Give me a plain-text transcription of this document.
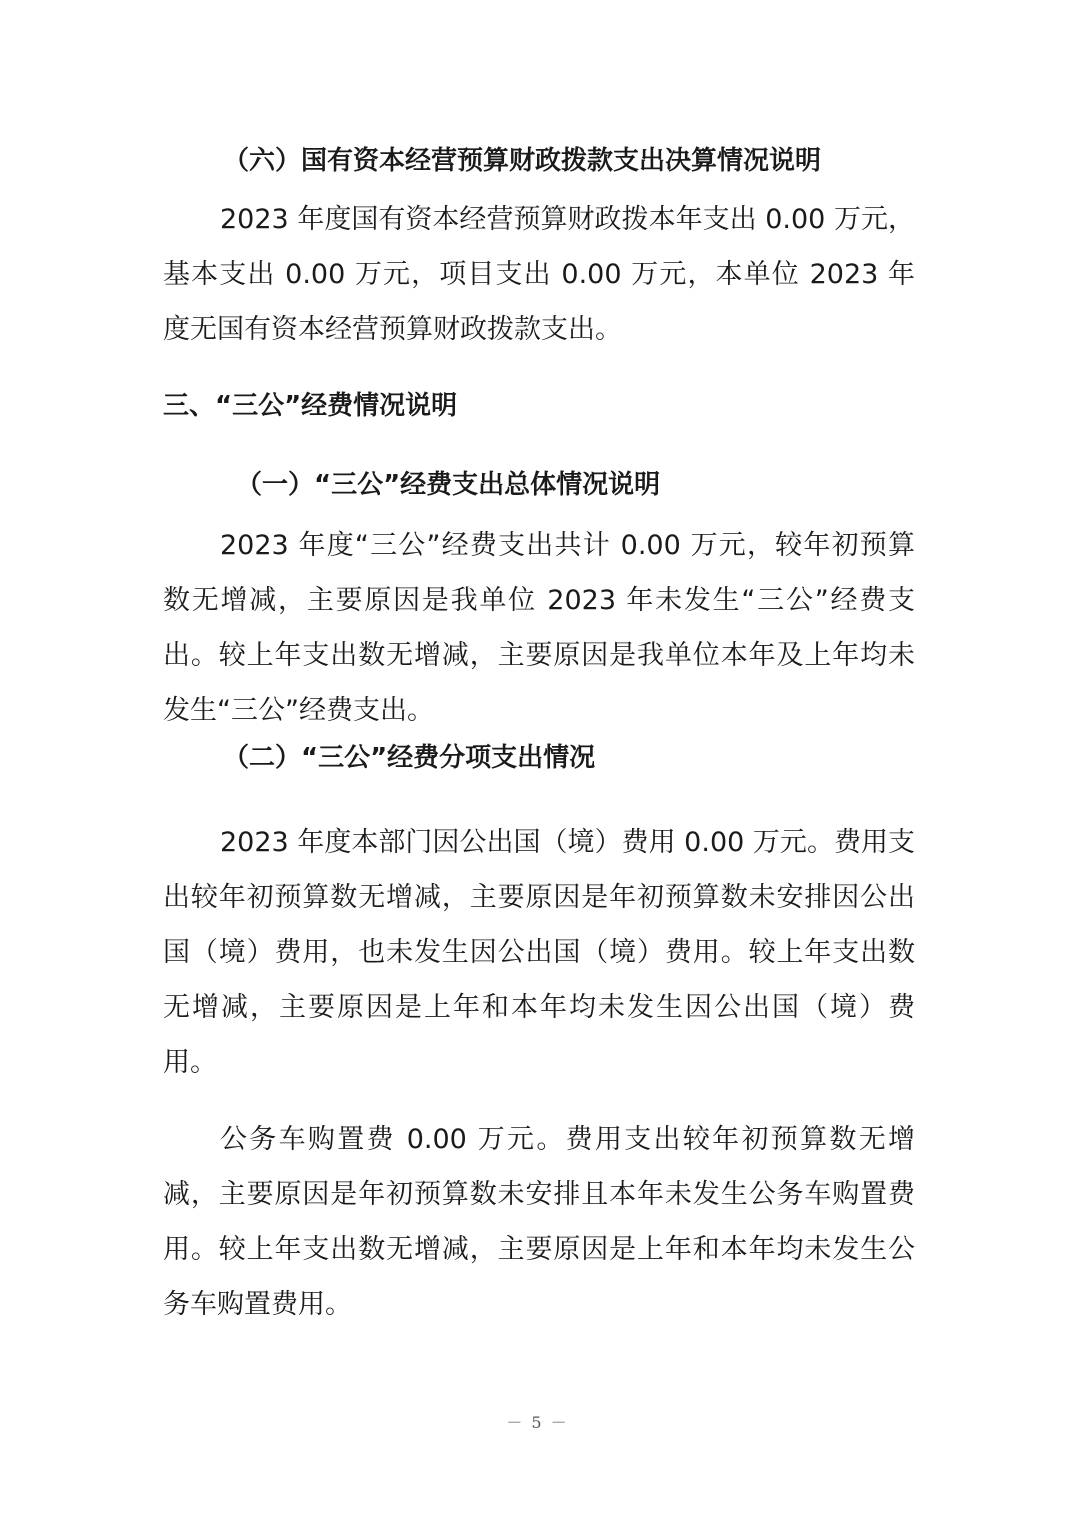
（六）国有资本经营预算财政拨款支出决算情况说明

2023 年度国有资本经营预算财政拨本年支出 0.00 万元，基本支出 0.00 万元，项目支出 0.00 万元，本单位 2023 年度无国有资本经营预算财政拨款支出。

三、“三公”经费情况说明
（一）“三公”经费支出总体情况说明

2023 年度“三公”经费支出共计 0.00 万元，较年初预算数无增减，主要原因是我单位 2023 年未发生“三公”经费支出。较上年支出数无增减，主要原因是我单位本年及上年均未发生“三公”经费支出。

（二）“三公”经费分项支出情况

2023 年度本部门因公出国（境）费用 0.00 万元。费用支出较年初预算数无增减，主要原因是年初预算数未安排因公出国（境）费用，也未发生因公出国（境）费用。较上年支出数无增减，主要原因是上年和本年均未发生因公出国（境）费用。

公务车购置费 0.00 万元。费用支出较年初预算数无增减，主要原因是年初预算数未安排且本年未发生公务车购置费用。较上年支出数无增减，主要原因是上年和本年均未发生公务车购置费用。

－ 5 －
